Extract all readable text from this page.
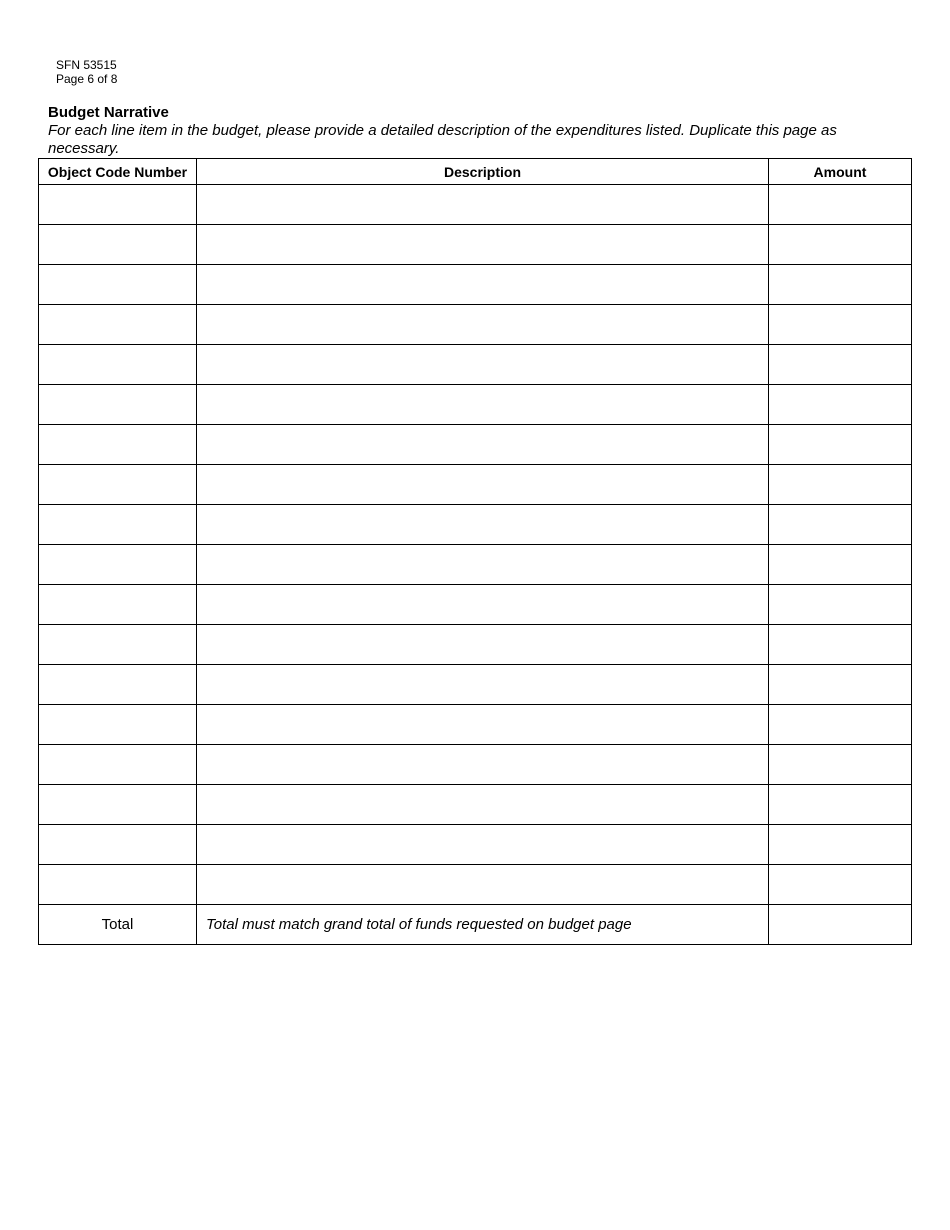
SFN 53515
Page 6 of 8
Budget Narrative
For each line item in the budget, please provide a detailed description of the expenditures listed. Duplicate this page as necessary.
Object Code Number	Description	Amount

Total	Total must match grand total of funds requested on budget page	
